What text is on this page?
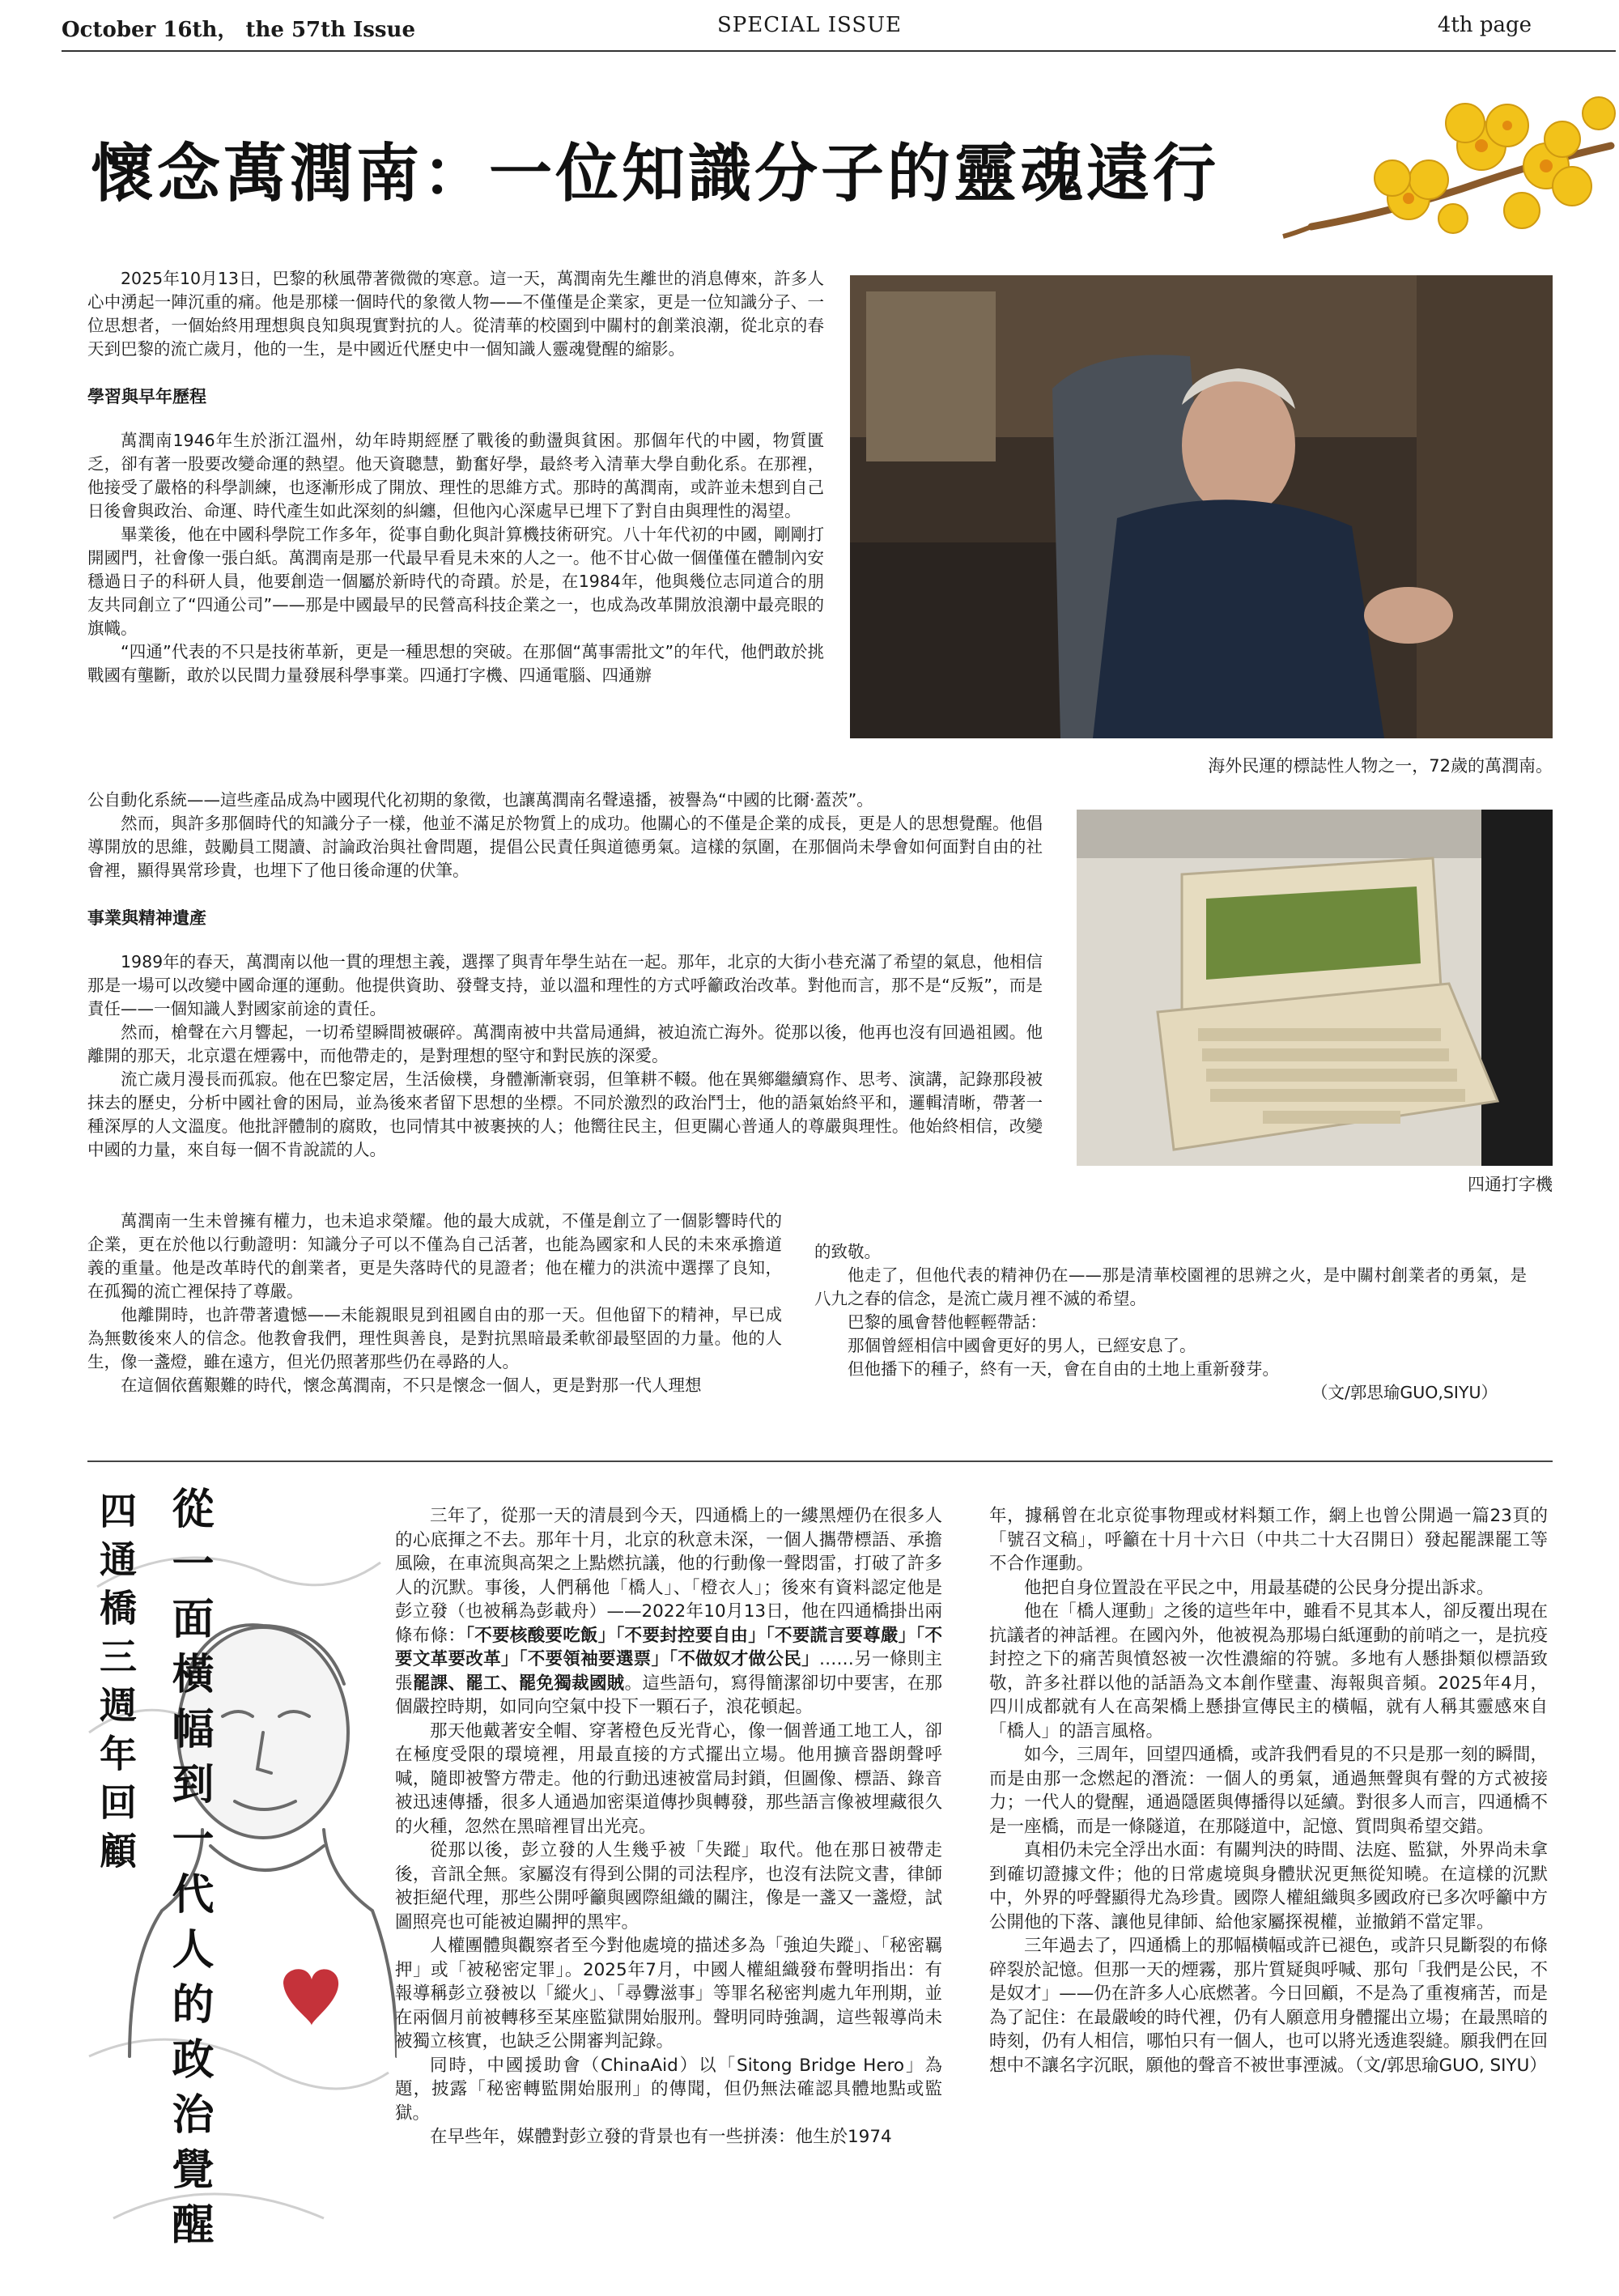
October 16th， the 57th Issue	SPECIAL ISSUE	4th page
懷念萬潤南：一位知識分子的靈魂遠行

2025年10月13日，巴黎的秋風帶著微微的寒意。這一天，萬潤南先生離世的消息傳來，許多人心中湧起一陣沉重的痛。他是那樣一個時代的象徵人物——不僅僅是企業家，更是一位知識分子、一位思想者，一個始終用理想與良知與現實對抗的人。從清華的校園到中關村的創業浪潮，從北京的春天到巴黎的流亡歲月，他的一生，是中國近代歷史中一個知識人靈魂覺醒的縮影。

學習與早年歷程

萬潤南1946年生於浙江溫州，幼年時期經歷了戰後的動盪與貧困。那個年代的中國，物質匱乏，卻有著一股要改變命運的熱望。他天資聰慧，勤奮好學，最終考入清華大學自動化系。在那裡，他接受了嚴格的科學訓練，也逐漸形成了開放、理性的思維方式。那時的萬潤南，或許並未想到自己日後會與政治、命運、時代產生如此深刻的糾纏，但他內心深處早已埋下了對自由與理性的渴望。

畢業後，他在中國科學院工作多年，從事自動化與計算機技術研究。八十年代初的中國，剛剛打開國門，社會像一張白紙。萬潤南是那一代最早看見未來的人之一。他不甘心做一個僅僅在體制內安穩過日子的科研人員，他要創造一個屬於新時代的奇蹟。於是，在1984年，他與幾位志同道合的朋友共同創立了“四通公司”——那是中國最早的民營高科技企業之一，也成為改革開放浪潮中最亮眼的旗幟。

“四通”代表的不只是技術革新，更是一種思想的突破。在那個“萬事需批文”的年代，他們敢於挑戰國有壟斷，敢於以民間力量發展科學事業。四通打字機、四通電腦、四通辦

海外民運的標誌性人物之一，72歲的萬潤南。

公自動化系統——這些產品成為中國現代化初期的象徵，也讓萬潤南名聲遠播，被譽為“中國的比爾·蓋茨”。

然而，與許多那個時代的知識分子一樣，他並不滿足於物質上的成功。他關心的不僅是企業的成長，更是人的思想覺醒。他倡導開放的思維，鼓勵員工閱讀、討論政治與社會問題，提倡公民責任與道德勇氣。這樣的氛圍，在那個尚未學會如何面對自由的社會裡，顯得異常珍貴，也埋下了他日後命運的伏筆。

事業與精神遺產

1989年的春天，萬潤南以他一貫的理想主義，選擇了與青年學生站在一起。那年，北京的大街小巷充滿了希望的氣息，他相信那是一場可以改變中國命運的運動。他提供資助、發聲支持，並以溫和理性的方式呼籲政治改革。對他而言，那不是“反叛”，而是責任——一個知識人對國家前途的責任。

然而，槍聲在六月響起，一切希望瞬間被碾碎。萬潤南被中共當局通緝，被迫流亡海外。從那以後，他再也沒有回過祖國。他離開的那天，北京還在煙霧中，而他帶走的，是對理想的堅守和對民族的深愛。

流亡歲月漫長而孤寂。他在巴黎定居，生活儉樸，身體漸漸衰弱，但筆耕不輟。他在異鄉繼續寫作、思考、演講，記錄那段被抹去的歷史，分析中國社會的困局，並為後來者留下思想的坐標。不同於激烈的政治鬥士，他的語氣始終平和，邏輯清晰，帶著一種深厚的人文溫度。他批評體制的腐敗，也同情其中被裹挾的人；他嚮往民主，但更關心普通人的尊嚴與理性。他始終相信，改變中國的力量，來自每一個不肯說謊的人。

四通打字機

萬潤南一生未曾擁有權力，也未追求榮耀。他的最大成就，不僅是創立了一個影響時代的企業，更在於他以行動證明：知識分子可以不僅為自己活著，也能為國家和人民的未來承擔道義的重量。他是改革時代的創業者，更是失落時代的見證者；他在權力的洪流中選擇了良知，在孤獨的流亡裡保持了尊嚴。

他離開時，也許帶著遺憾——未能親眼見到祖國自由的那一天。但他留下的精神，早已成為無數後來人的信念。他教會我們，理性與善良，是對抗黑暗最柔軟卻最堅固的力量。他的人生，像一盞燈，雖在遠方，但光仍照著那些仍在尋路的人。

在這個依舊艱難的時代，懷念萬潤南，不只是懷念一個人，更是對那一代人理想

的致敬。

他走了，但他代表的精神仍在——那是清華校園裡的思辨之火，是中關村創業者的勇氣，是八九之春的信念，是流亡歲月裡不滅的希望。

巴黎的風會替他輕輕帶話：

那個曾經相信中國會更好的男人，已經安息了。

但他播下的種子，終有一天，會在自由的土地上重新發芽。

（文/郭思瑜GUO,SIYU）
四通橋三週年回顧 從一面橫幅到一代人的政治覺醒	三年了，從那一天的清晨到今天，四通橋上的一縷黑煙仍在很多人的心底揮之不去。那年十月，北京的秋意未深，一個人攜帶標語、承擔風險，在車流與高架之上點燃抗議，他的行動像一聲悶雷，打破了許多人的沉默。事後，人們稱他「橋人」、「橙衣人」；後來有資料認定他是彭立發（也被稱為彭載舟）——2022年10月13日，他在四通橋掛出兩條布條：「不要核酸要吃飯」「不要封控要自由」「不要謊言要尊嚴」「不要文革要改革」「不要領袖要選票」「不做奴才做公民」……另一條則主張罷課、罷工、罷免獨裁國賊。這些語句，寫得簡潔卻切中要害，在那個嚴控時期，如同向空氣中投下一顆石子，浪花頓起。

那天他戴著安全帽、穿著橙色反光背心，像一個普通工地工人，卻在極度受限的環境裡，用最直接的方式擺出立場。他用擴音器朗聲呼喊，隨即被警方帶走。他的行動迅速被當局封鎖，但圖像、標語、錄音被迅速傳播，很多人通過加密渠道傳抄與轉發，那些語言像被埋藏很久的火種，忽然在黑暗裡冒出光亮。

從那以後，彭立發的人生幾乎被「失蹤」取代。他在那日被帶走後，音訊全無。家屬沒有得到公開的司法程序，也沒有法院文書，律師被拒絕代理，那些公開呼籲與國際組織的關注，像是一盞又一盞燈，試圖照亮也可能被迫關押的黑牢。

人權團體與觀察者至今對他處境的描述多為「強迫失蹤」、「秘密羈押」或「被秘密定罪」。2025年7月，中國人權組織發布聲明指出：有報導稱彭立發被以「縱火」、「尋釁滋事」等罪名秘密判處九年刑期，並在兩個月前被轉移至某座監獄開始服刑。聲明同時強調，這些報導尚未被獨立核實，也缺乏公開審判記錄。

同時，中國援助會（ChinaAid）以「Sitong Bridge Hero」為題，披露「秘密轉監開始服刑」的傳聞，但仍無法確認具體地點或監獄。

在早些年，媒體對彭立發的背景也有一些拼湊：他生於1974

年，據稱曾在北京從事物理或材料類工作，網上也曾公開過一篇23頁的「號召文稿」，呼籲在十月十六日（中共二十大召開日）發起罷課罷工等不合作運動。

他把自身位置設在平民之中，用最基礎的公民身分提出訴求。

他在「橋人運動」之後的這些年中，雖看不見其本人，卻反覆出現在抗議者的神話裡。在國內外，他被視為那場白紙運動的前哨之一，是抗疫封控之下的痛苦與憤怒被一次性濃縮的符號。多地有人懸掛類似標語致敬，許多社群以他的話語為文本創作壁畫、海報與音頻。2025年4月，四川成都就有人在高架橋上懸掛宣傳民主的橫幅，就有人稱其靈感來自「橋人」的語言風格。

如今，三周年，回望四通橋，或許我們看見的不只是那一刻的瞬間，而是由那一念燃起的潛流：一個人的勇氣，通過無聲與有聲的方式被接力；一代人的覺醒，通過隱匿與傳播得以延續。對很多人而言，四通橋不是一座橋，而是一條隧道，在那隧道中，記憶、質問與希望交錯。

真相仍未完全浮出水面：有關判決的時間、法庭、監獄，外界尚未拿到確切證據文件；他的日常處境與身體狀況更無從知曉。在這樣的沉默中，外界的呼聲顯得尤為珍貴。國際人權組織與多國政府已多次呼籲中方公開他的下落、讓他見律師、給他家屬探視權，並撤銷不當定罪。

三年過去了，四通橋上的那幅橫幅或許已褪色，或許只見斷裂的布條碎裂於記憶。但那一天的煙霧，那片質疑與呼喊、那句「我們是公民，不是奴才」——仍在許多人心底燃著。今日回顧，不是為了重複痛苦，而是為了記住：在最嚴峻的時代裡，仍有人願意用身體擺出立場；在最黑暗的時刻，仍有人相信，哪怕只有一個人，也可以將光透進裂縫。願我們在回想中不讓名字沉眠，願他的聲音不被世事湮滅。（文/郭思瑜GUO, SIYU）
